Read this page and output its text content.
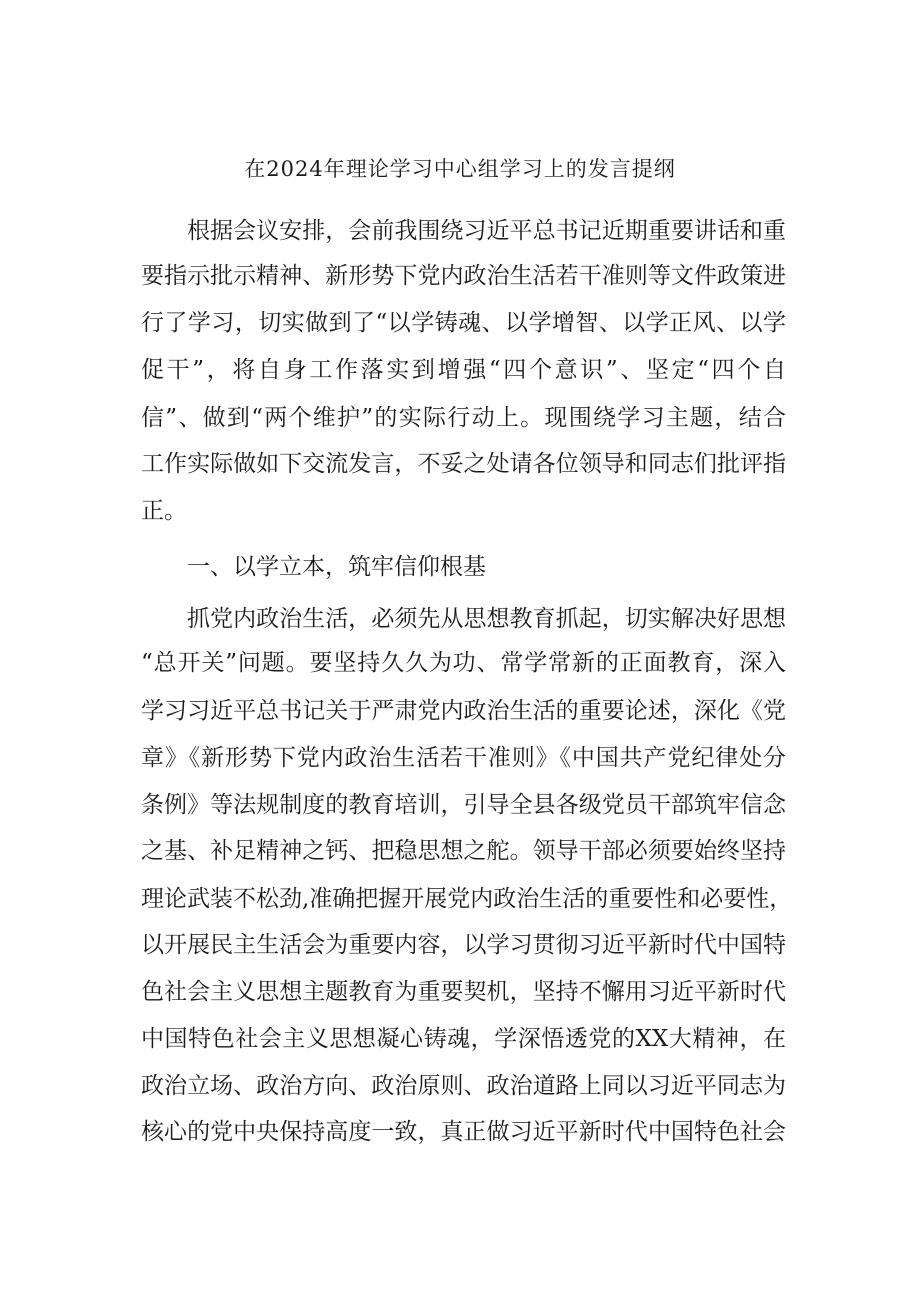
在2024年理论学习中心组学习上的发言提纲
根据会议安排，会前我围绕习近平总书记近期重要讲话和重
要指示批示精神、新形势下党内政治生活若干准则等文件政策进
行了学习，切实做到了“以学铸魂、以学增智、以学正风、以学
促干”，将自身工作落实到增强“四个意识”、坚定“四个自
信”、做到“两个维护”的实际行动上。现围绕学习主题，结合
工作实际做如下交流发言，不妥之处请各位领导和同志们批评指
正。
一、以学立本，筑牢信仰根基
抓党内政治生活，必须先从思想教育抓起，切实解决好思想
“总开关”问题。要坚持久久为功、常学常新的正面教育，深入
学习习近平总书记关于严肃党内政治生活的重要论述，深化《党
章》《新形势下党内政治生活若干准则》《中国共产党纪律处分
条例》等法规制度的教育培训，引导全县各级党员干部筑牢信念
之基、补足精神之钙、把稳思想之舵。领导干部必须要始终坚持
理论武装不松劲,准确把握开展党内政治生活的重要性和必要性，
以开展民主生活会为重要内容，以学习贯彻习近平新时代中国特
色社会主义思想主题教育为重要契机，坚持不懈用习近平新时代
中国特色社会主义思想凝心铸魂，学深悟透党的XX大精神，在
政治立场、政治方向、政治原则、政治道路上同以习近平同志为
核心的党中央保持高度一致，真正做习近平新时代中国特色社会
